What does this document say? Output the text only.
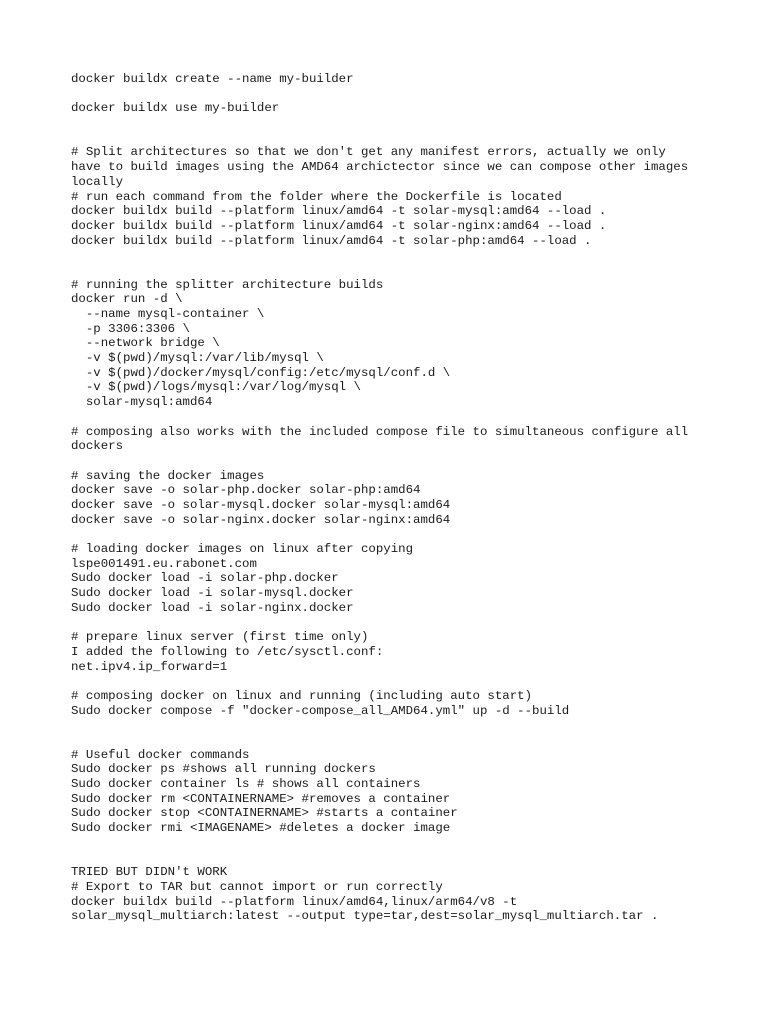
docker buildx create --name my-builder
docker buildx use my-builder
# Split architectures so that we don't get any manifest errors, actually we only
have to build images using the AMD64 archictector since we can compose other images
locally
# run each command from the folder where the Dockerfile is located
docker buildx build --platform linux/amd64 -t solar-mysql:amd64 --load .
docker buildx build --platform linux/amd64 -t solar-nginx:amd64 --load .
docker buildx build --platform linux/amd64 -t solar-php:amd64 --load .
# running the splitter architecture builds
docker run -d \
--name mysql-container \
-p 3306:3306 \
--network bridge \
-v $(pwd)/mysql:/var/lib/mysql \
-v $(pwd)/docker/mysql/config:/etc/mysql/conf.d \
-v $(pwd)/logs/mysql:/var/log/mysql \
solar-mysql:amd64
# composing also works with the included compose file to simultaneous configure all
dockers
# saving the docker images
docker save -o solar-php.docker solar-php:amd64
docker save -o solar-mysql.docker solar-mysql:amd64
docker save -o solar-nginx.docker solar-nginx:amd64
# loading docker images on linux after copying
lspe001491.eu.rabonet.com
Sudo docker load -i solar-php.docker
Sudo docker load -i solar-mysql.docker
Sudo docker load -i solar-nginx.docker
# prepare linux server (first time only)
I added the following to /etc/sysctl.conf:
net.ipv4.ip_forward=1
# composing docker on linux and running (including auto start)
Sudo docker compose -f "docker-compose_all_AMD64.yml" up -d --build
# Useful docker commands
Sudo docker ps #shows all running dockers
Sudo docker container ls # shows all containers
Sudo docker rm <CONTAINERNAME> #removes a container
Sudo docker stop <CONTAINERNAME> #starts a container
Sudo docker rmi <IMAGENAME> #deletes a docker image
TRIED BUT DIDN't WORK
# Export to TAR but cannot import or run correctly
docker buildx build --platform linux/amd64,linux/arm64/v8 -t
solar_mysql_multiarch:latest --output type=tar,dest=solar_mysql_multiarch.tar .
